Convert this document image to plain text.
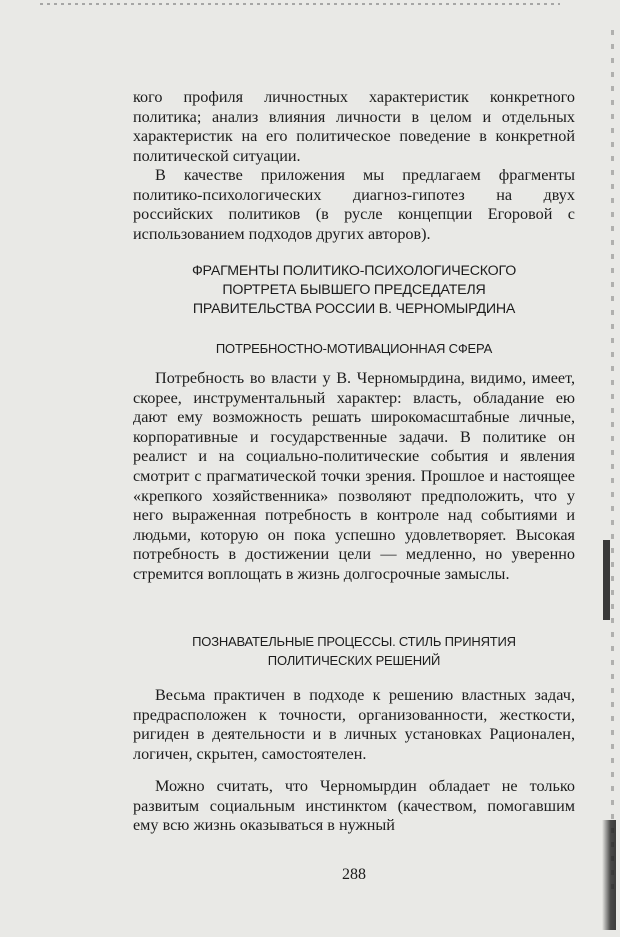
кого профиля личностных характеристик конкретного политика; анализ влияния личности в целом и отдельных характеристик на его политическое поведение в конкретной политической ситуации.

В качестве приложения мы предлагаем фрагменты политико-психологических диагноз-гипотез на двух российских политиков (в русле концепции Егоровой с использованием подходов других авторов).

ФРАГМЕНТЫ ПОЛИТИКО-ПСИХОЛОГИЧЕСКОГО
ПОРТРЕТА БЫВШЕГО ПРЕДСЕДАТЕЛЯ
ПРАВИТЕЛЬСТВА РОССИИ В. ЧЕРНОМЫРДИНА
ПОТРЕБНОСТНО-МОТИВАЦИОННАЯ СФЕРА

Потребность во власти у В. Черномырдина, видимо, имеет, скорее, инструментальный характер: власть, обладание ею дают ему возможность решать широкомасштабные личные, корпоративные и государственные задачи. В политике он реалист и на социально-политические события и явления смотрит с прагматической точки зрения. Прошлое и настоящее «крепкого хозяйственника» позволяют предположить, что у него выраженная потребность в контроле над событиями и людьми, которую он пока успешно удовлетворяет. Высокая потребность в достижении цели — медленно, но уверенно стремится воплощать в жизнь долгосрочные замыслы.

ПОЗНАВАТЕЛЬНЫЕ ПРОЦЕССЫ. СТИЛЬ ПРИНЯТИЯ
ПОЛИТИЧЕСКИХ РЕШЕНИЙ

Весьма практичен в подходе к решению властных задач, предрасположен к точности, организованности, жесткости, ригиден в деятельности и в личных установках Рационален, логичен, скрытен, самостоятелен.

Можно считать, что Черномырдин обладает не только развитым социальным инстинктом (качеством, помогавшим ему всю жизнь оказываться в нужный

288
